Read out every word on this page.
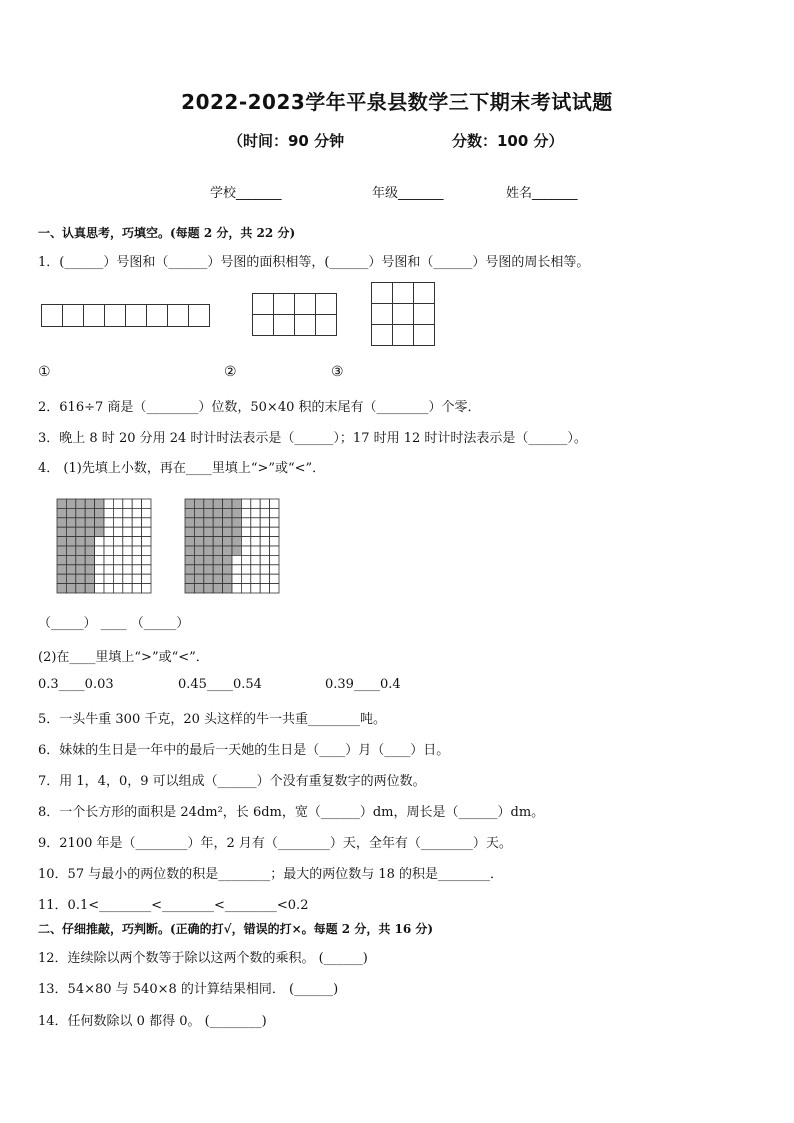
2022-2023学年平泉县数学三下期末考试试题
（时间：90 分钟	分数：100 分）
学校_______	年级_______	姓名_______
一、认真思考，巧填空。(每题 2 分，共 22 分)
1．(______）号图和（______）号图的面积相等，(______）号图和（______）号图的周长相等。

①	②	③
2．616÷7 商是（________）位数，50×40 积的末尾有（________）个零．
3．晚上 8 时 20 分用 24 时计时法表示是（______）；17 时用 12 时计时法表示是（______）。
4． (1)先填上小数，再在____里填上“>”或“<”．
（_____） ____ （_____）
(2)在____里填上“>”或“<”．
0.3____0.03	0.45____0.54	0.39____0.4
5．一头牛重 300 千克，20 头这样的牛一共重________吨。
6．妹妹的生日是一年中的最后一天她的生日是（____）月（____）日。
7．用 1，4，0，9 可以组成（______）个没有重复数字的两位数。
8．一个长方形的面积是 24dm²，长 6dm，宽（______）dm，周长是（______）dm。
9．2100 年是（________）年，2 月有（________）天，全年有（________）天。
10．57 与最小的两位数的积是________；最大的两位数与 18 的积是________．
11．0.1<________<________<________<0.2
二、仔细推敲，巧判断。(正确的打√，错误的打×。每题 2 分，共 16 分)
12．连续除以两个数等于除以这两个数的乘积。 (______)
13．54×80 与 540×8 的计算结果相同． (______)
14．任何数除以 0 都得 0。 (________)
